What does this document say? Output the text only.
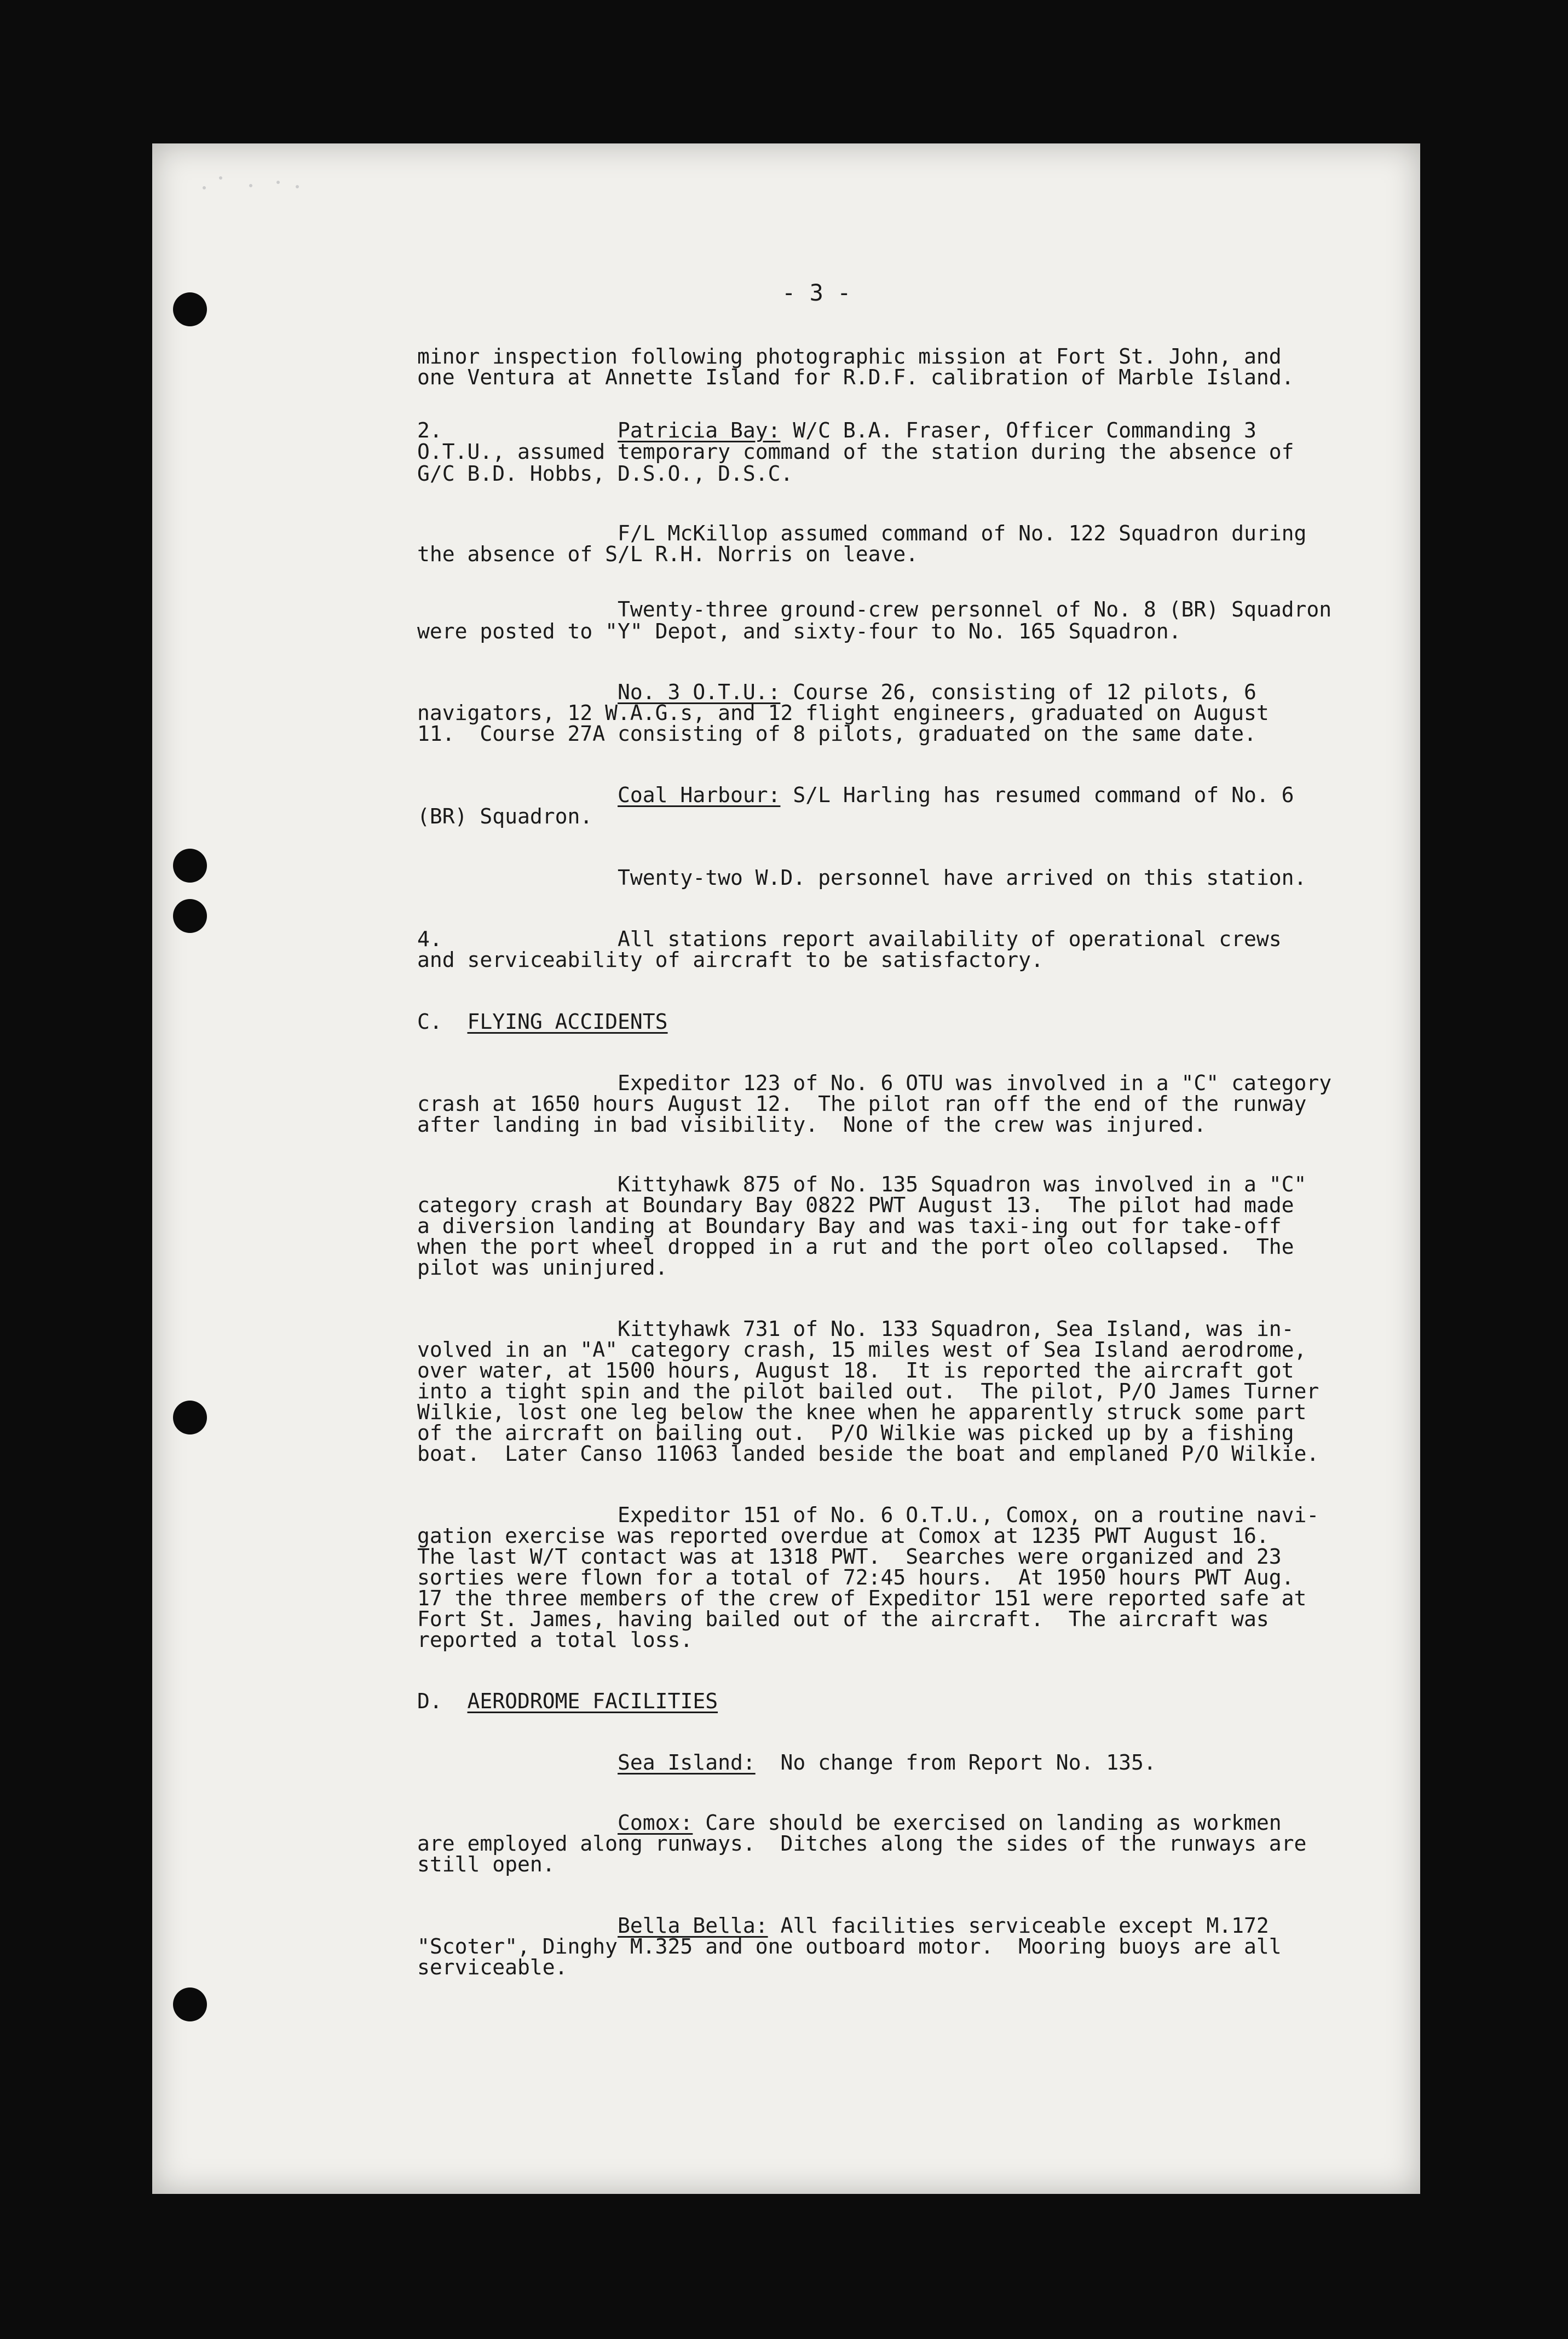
- 3 -
minor inspection following photographic mission at Fort St. John, and
one Ventura at Annette Island for R.D.F. calibration of Marble Island.
2.              Patricia Bay: W/C B.A. Fraser, Officer Commanding 3
O.T.U., assumed temporary command of the station during the absence of
G/C B.D. Hobbs, D.S.O., D.S.C.
F/L McKillop assumed command of No. 122 Squadron during
the absence of S/L R.H. Norris on leave.
Twenty-three ground-crew personnel of No. 8 (BR) Squadron
were posted to "Y" Depot, and sixty-four to No. 165 Squadron.
No. 3 O.T.U.: Course 26, consisting of 12 pilots, 6
navigators, 12 W.A.G.s, and 12 flight engineers, graduated on August
11.  Course 27A consisting of 8 pilots, graduated on the same date.
Coal Harbour: S/L Harling has resumed command of No. 6
(BR) Squadron.
Twenty-two W.D. personnel have arrived on this station.
4.              All stations report availability of operational crews
and serviceability of aircraft to be satisfactory.
C.  FLYING ACCIDENTS
Expeditor 123 of No. 6 OTU was involved in a "C" category
crash at 1650 hours August 12.  The pilot ran off the end of the runway
after landing in bad visibility.  None of the crew was injured.
Kittyhawk 875 of No. 135 Squadron was involved in a "C"
category crash at Boundary Bay 0822 PWT August 13.  The pilot had made
a diversion landing at Boundary Bay and was taxi-ing out for take-off
when the port wheel dropped in a rut and the port oleo collapsed.  The
pilot was uninjured.
Kittyhawk 731 of No. 133 Squadron, Sea Island, was in-
volved in an "A" category crash, 15 miles west of Sea Island aerodrome,
over water, at 1500 hours, August 18.  It is reported the aircraft got
into a tight spin and the pilot bailed out.  The pilot, P/O James Turner
Wilkie, lost one leg below the knee when he apparently struck some part
of the aircraft on bailing out.  P/O Wilkie was picked up by a fishing
boat.  Later Canso 11063 landed beside the boat and emplaned P/O Wilkie.
Expeditor 151 of No. 6 O.T.U., Comox, on a routine navi-
gation exercise was reported overdue at Comox at 1235 PWT August 16.
The last W/T contact was at 1318 PWT.  Searches were organized and 23
sorties were flown for a total of 72:45 hours.  At 1950 hours PWT Aug.
17 the three members of the crew of Expeditor 151 were reported safe at
Fort St. James, having bailed out of the aircraft.  The aircraft was
reported a total loss.
D.  AERODROME FACILITIES
Sea Island:  No change from Report No. 135.
Comox: Care should be exercised on landing as workmen
are employed along runways.  Ditches along the sides of the runways are
still open.
Bella Bella: All facilities serviceable except M.172
"Scoter", Dinghy M.325 and one outboard motor.  Mooring buoys are all
serviceable.
